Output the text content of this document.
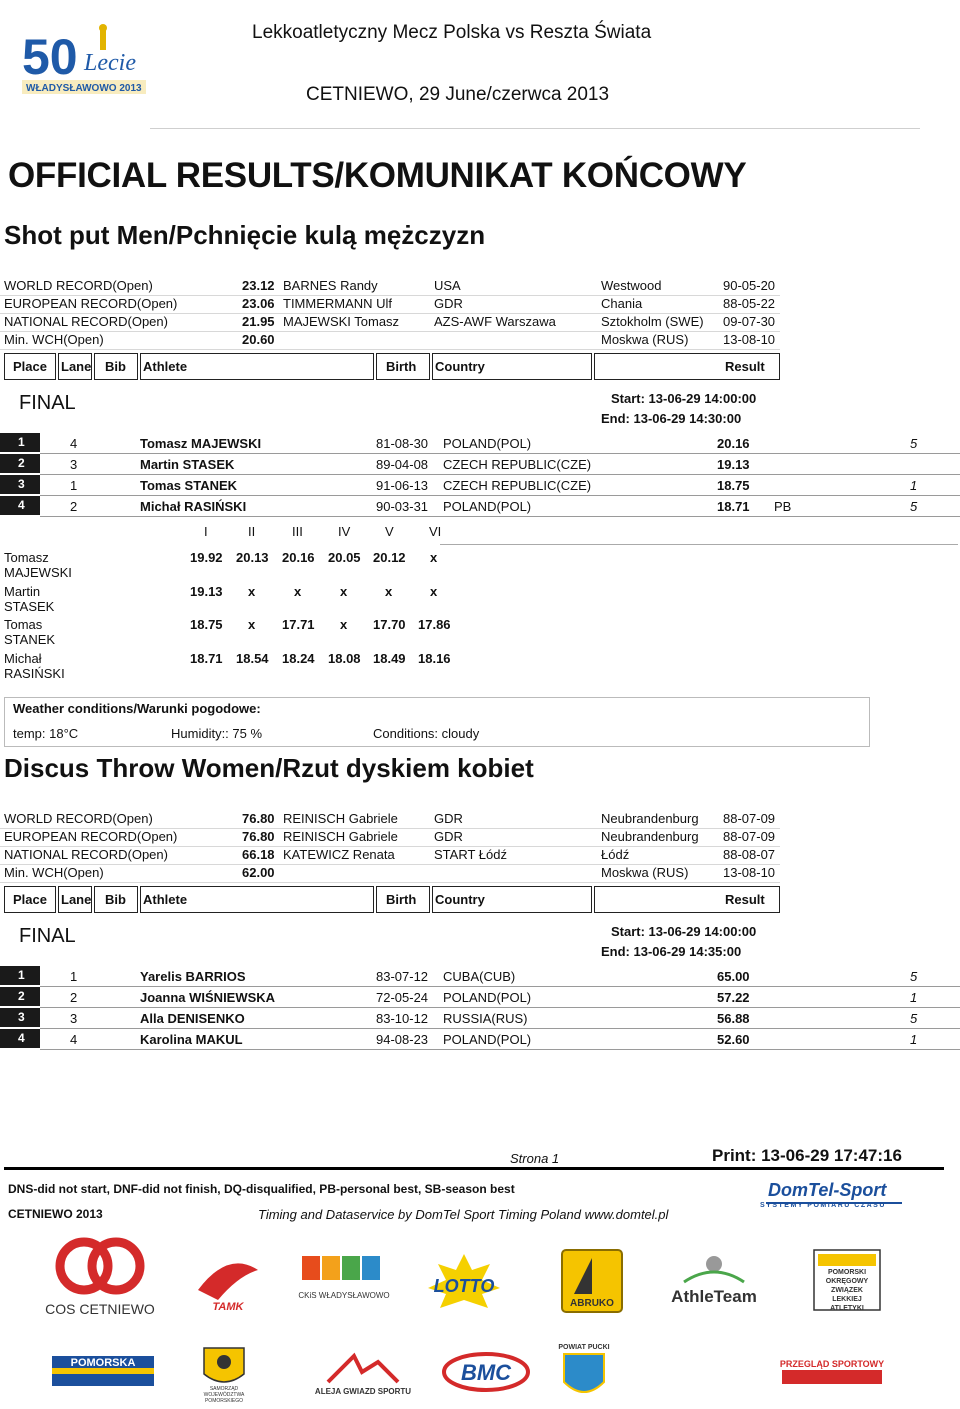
50 Lecie
WŁADYSŁAWOWO 2013
Lekkoatletyczny Mecz Polska vs Reszta Świata
CETNIEWO, 29 June/czerwca 2013
OFFICIAL RESULTS/KOMUNIKAT KOŃCOWY
Shot put Men/Pchnięcie kulą mężczyzn
WORLD RECORD(Open)	23.12 BARNES Randy	USA	Westwood	90-05-20
EUROPEAN RECORD(Open)	23.06 TIMMERMANN Ulf	GDR	Chania	88-05-22
NATIONAL RECORD(Open)	21.95 MAJEWSKI Tomasz	AZS-AWF Warszawa	Sztokholm (SWE) 09-07-30
Min. WCH(Open)	20.60	Moskwa (RUS)	13-08-10
Place	Lane	Bib	Athlete	Birth	Country	Result
FINAL	Start: 13-06-29 14:00:00
End: 13-06-29 14:30:00
1	4	Tomasz MAJEWSKI	81-08-30 POLAND(POL)	20.16	5
2	3	Martin STASEK	89-04-08 CZECH REPUBLIC(CZE)	19.13
3	1	Tomas STANEK	91-06-13 CZECH REPUBLIC(CZE)	18.75	1
4	2	Michał RASIŃSKI	90-03-31 POLAND(POL)	18.71 PB	5
I	II	III	IV	V	VI
Tomasz MAJEWSKI
19.92 20.13 20.16 20.05 20.12 x
Martin STASEK
19.13 x	x	x	x	x
Tomas STANEK
18.75 x 17.71 x 17.70 17.86
Michał RASIŃSKI
18.71 18.54 18.24 18.08 18.49 18.16
Weather conditions/Warunki pogodowe:
temp: 18°C	Humidity:: 75 %	Conditions: cloudy
Discus Throw Women/Rzut dyskiem kobiet
WORLD RECORD(Open)	76.80 REINISCH Gabriele	GDR	Neubrandenburg 88-07-09
EUROPEAN RECORD(Open)	76.80 REINISCH Gabriele	GDR	Neubrandenburg 88-07-09
NATIONAL RECORD(Open)	66.18 KATEWICZ Renata	START Łódź	Łódź	88-08-07
Min. WCH(Open)	62.00	Moskwa (RUS)	13-08-10
Place	Lane	Bib	Athlete	Birth	Country	Result
FINAL	Start: 13-06-29 14:00:00
End: 13-06-29 14:35:00
1	1	Yarelis BARRIOS	83-07-12 CUBA(CUB)	65.00	5
2	2	Joanna WIŚNIEWSKA	72-05-24 POLAND(POL)	57.22	1
3	3	Alla DENISENKO	83-10-12 RUSSIA(RUS)	56.88	5
4	4	Karolina MAKUL	94-08-23 POLAND(POL)	52.60	1
Strona 1	Print: 13-06-29 17:47:16
DNS-did not start, DNF-did not finish, DQ-disqualified, PB-personal best, SB-season best
CETNIEWO 2013	Timing and Dataservice by DomTel Sport Timing Poland www.domtel.pl
DomTel-Sport
SYSTEMY POMIARU CZASU
COS CETNIEWO	TAMK
CKiS WŁADYSŁAWOWO LOTTO
ABRUKO	AthleTeam
POMORSKI OKRĘGOWY ZWIĄZEK LEKKIEJ ATLETYKI
POMORSKA
SAMORZĄD WOJEWÓDZTWA POMORSKIEGO
ALEJA GWIAZD SPORTU
BMC
POWIAT PUCKI
PRZEGLĄD SPORTOWY
